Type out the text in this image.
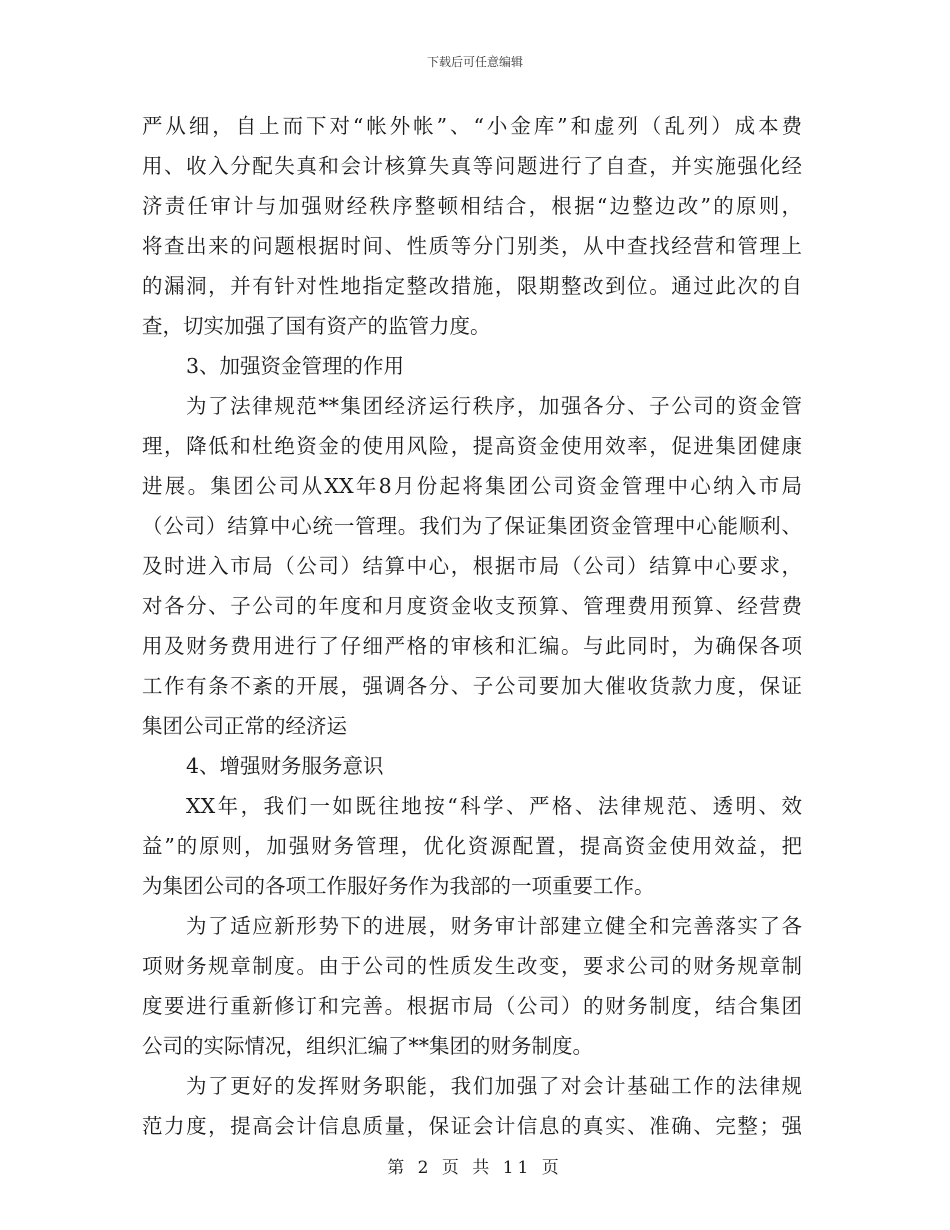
下载后可任意编辑
严从细，自上而下对“帐外帐”、“小金库”和虚列（乱列）成本费
用、收入分配失真和会计核算失真等问题进行了自查，并实施强化经
济责任审计与加强财经秩序整顿相结合，根据“边整边改”的原则，
将查出来的问题根据时间、性质等分门别类，从中查找经营和管理上
的漏洞，并有针对性地指定整改措施，限期整改到位。通过此次的自
查，切实加强了国有资产的监管力度。
3、加强资金管理的作用
为了法律规范**集团经济运行秩序，加强各分、子公司的资金管
理，降低和杜绝资金的使用风险，提高资金使用效率，促进集团健康
进展。集团公司从XX年8月份起将集团公司资金管理中心纳入市局
（公司）结算中心统一管理。我们为了保证集团资金管理中心能顺利、
及时进入市局（公司）结算中心，根据市局（公司）结算中心要求，
对各分、子公司的年度和月度资金收支预算、管理费用预算、经营费
用及财务费用进行了仔细严格的审核和汇编。与此同时，为确保各项
工作有条不紊的开展，强调各分、子公司要加大催收货款力度，保证
集团公司正常的经济运
4、增强财务服务意识
XX年，我们一如既往地按“科学、严格、法律规范、透明、效
益”的原则，加强财务管理，优化资源配置，提高资金使用效益，把
为集团公司的各项工作服好务作为我部的一项重要工作。
为了适应新形势下的进展，财务审计部建立健全和完善落实了各
项财务规章制度。由于公司的性质发生改变，要求公司的财务规章制
度要进行重新修订和完善。根据市局（公司）的财务制度，结合集团
公司的实际情况，组织汇编了**集团的财务制度。
为了更好的发挥财务职能，我们加强了对会计基础工作的法律规
范力度，提高会计信息质量，保证会计信息的真实、准确、完整；强
第 2 页 共 11 页
